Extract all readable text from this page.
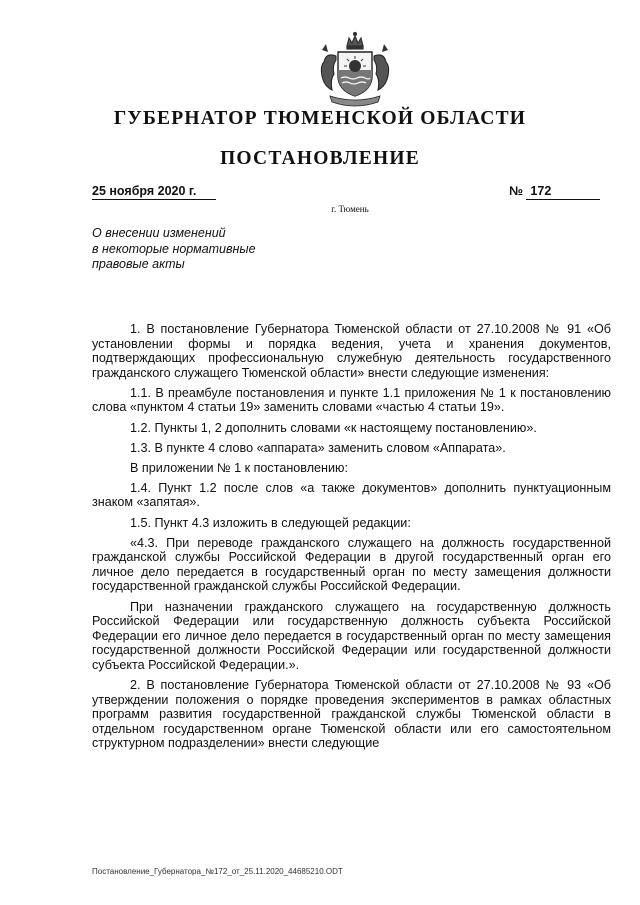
ГУБЕРНАТОР ТЮМЕНСКОЙ ОБЛАСТИ
ПОСТАНОВЛЕНИЕ
25 ноября 2020 г.	№ 172
г. Тюмень
О внесении изменений
в некоторые нормативные
правовые акты

1. В постановление Губернатора Тюменской области от 27.10.2008 № 91 «Об установлении формы и порядка ведения, учета и хранения документов, подтверждающих профессиональную служебную деятельность государственного гражданского служащего Тюменской области» внести следующие изменения:

1.1. В преамбуле постановления и пункте 1.1 приложения № 1 к постановлению слова «пунктом 4 статьи 19» заменить словами «частью 4 статьи 19».

1.2. Пункты 1, 2 дополнить словами «к настоящему постановлению».

1.3. В пункте 4 слово «аппарата» заменить словом «Аппарата».

В приложении № 1 к постановлению:

1.4. Пункт 1.2 после слов «а также документов» дополнить пунктуационным знаком «запятая».

1.5. Пункт 4.3 изложить в следующей редакции:

«4.3. При переводе гражданского служащего на должность государственной гражданской службы Российской Федерации в другой государственный орган его личное дело передается в государственный орган по месту замещения должности государственной гражданской службы Российской Федерации.

При назначении гражданского служащего на государственную должность Российской Федерации или государственную должность субъекта Российской Федерации его личное дело передается в государственный орган по месту замещения государственной должности Российской Федерации или государственной должности субъекта Российской Федерации.».

2. В постановление Губернатора Тюменской области от 27.10.2008 № 93 «Об утверждении положения о порядке проведения экспериментов в рамках областных программ развития государственной гражданской службы Тюменской области в отдельном государственном органе Тюменской области или его самостоятельном структурном подразделении» внести следующие

Постановление_Губернатора_№172_от_25.11.2020_44685210.ODT
